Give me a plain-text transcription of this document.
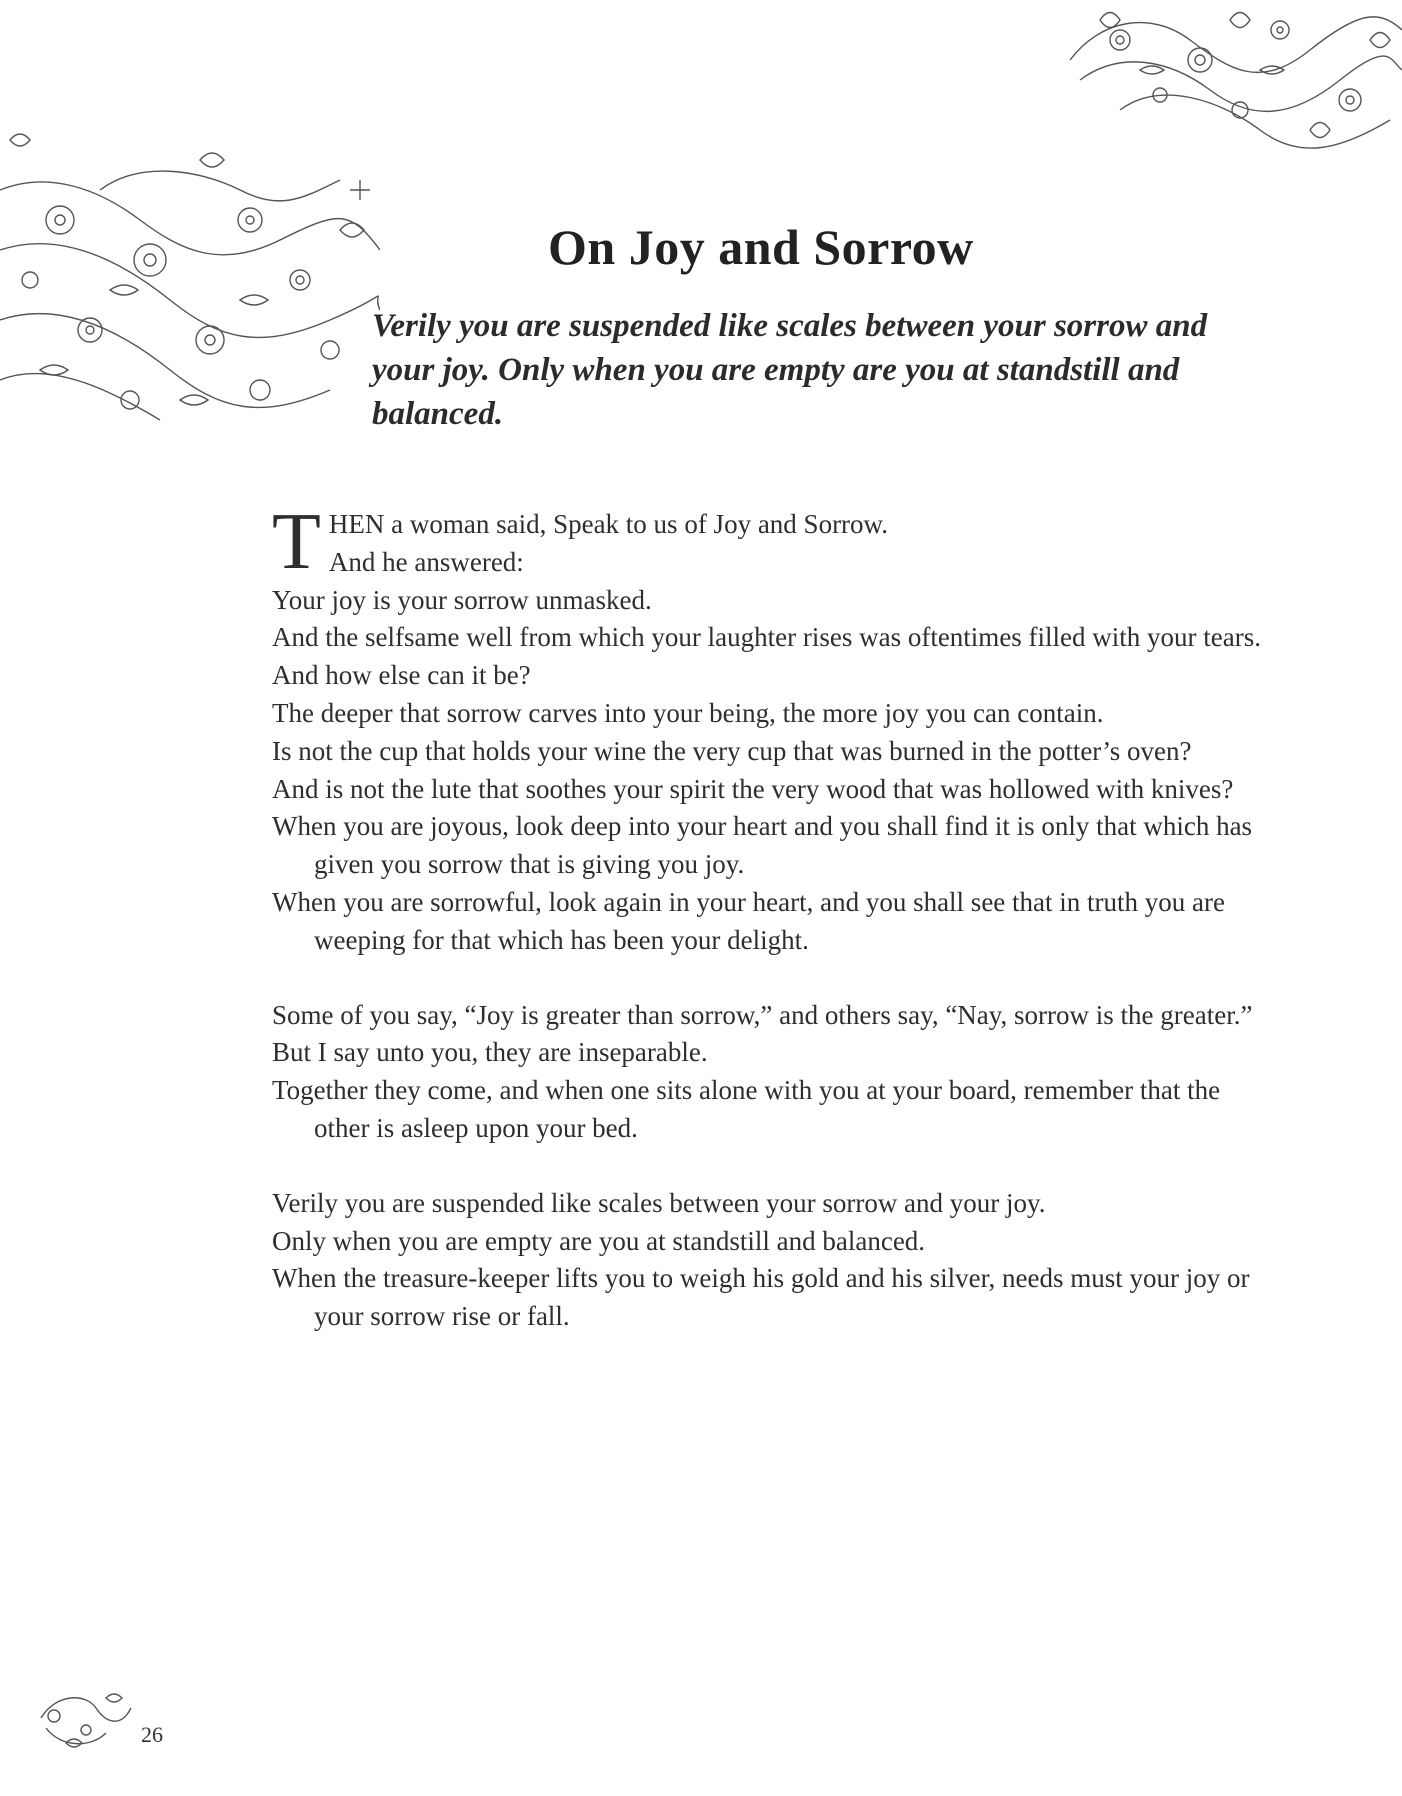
On Joy and Sorrow
Verily you are suspended like scales between your sorrow and
your joy. Only when you are empty are you at standstill and
balanced.
T HEN a woman said, Speak to us of Joy and Sorrow.
And he answered:

Your joy is your sorrow unmasked.

And the selfsame well from which your laughter rises was oftentimes filled with your tears.

And how else can it be?

The deeper that sorrow carves into your being, the more joy you can contain.

Is not the cup that holds your wine the very cup that was burned in the potter’s oven?

And is not the lute that soothes your spirit the very wood that was hollowed with knives?

When you are joyous, look deep into your heart and you shall find it is only that which has given you sorrow that is giving you joy.

When you are sorrowful, look again in your heart, and you shall see that in truth you are weeping for that which has been your delight.

Some of you say, “Joy is greater than sorrow,” and others say, “Nay, sorrow is the greater.”

But I say unto you, they are inseparable.

Together they come, and when one sits alone with you at your board, remember that the other is asleep upon your bed.

Verily you are suspended like scales between your sorrow and your joy.

Only when you are empty are you at standstill and balanced.

When the treasure-keeper lifts you to weigh his gold and his silver, needs must your joy or your sorrow rise or fall.

26
